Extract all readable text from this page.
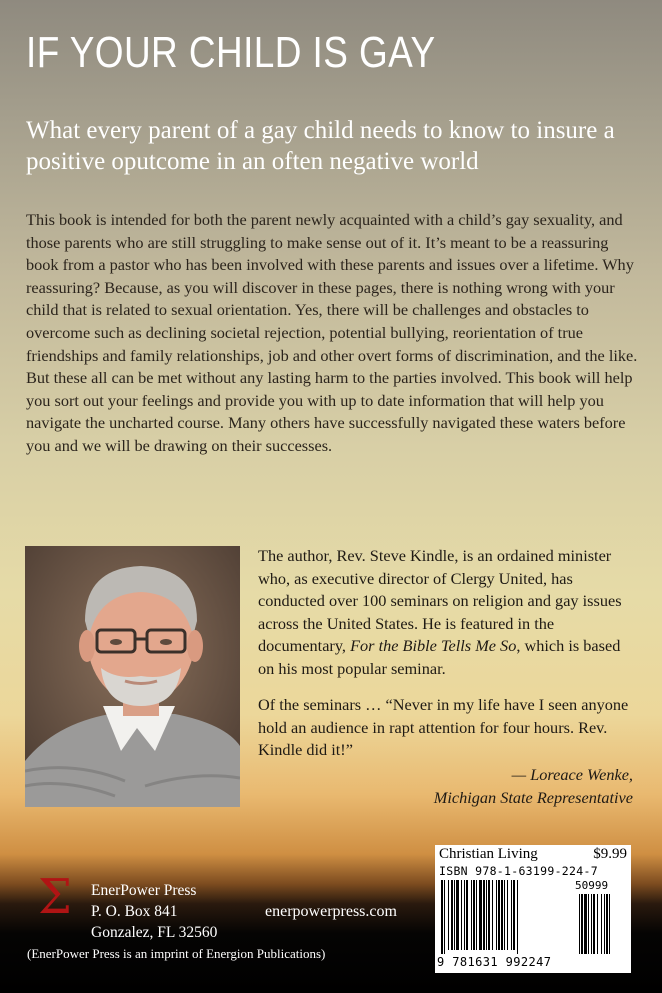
IF YOUR CHILD IS GAY

What every parent of a gay child needs to know to insure a positive oputcome in an often negative world

This book is intended for both the parent newly acquainted with a child’s gay sexuality, and those parents who are still struggling to make sense out of it. It’s meant to be a reassuring book from a pastor who has been involved with these parents and issues over a lifetime. Why reassuring? Because, as you will discover in these pages, there is nothing wrong with your child that is related to sexual orientation. Yes, there will be challenges and obstacles to overcome such as declining societal rejection, potential bullying, reorientation of true friendships and family relationships, job and other overt forms of discrimination, and the like. But these all can be met without any lasting harm to the parties involved. This book will help you sort out your feelings and provide you with up to date information that will help you navigate the uncharted course. Many others have successfully navigated these waters before you and we will be drawing on their successes.

The author, Rev. Steve Kindle, is an ordained minister who, as executive director of Clergy United, has conducted over 100 seminars on religion and gay issues across the United States. He is featured in the documentary, For the Bible Tells Me So, which is based on his most popular seminar.

Of the seminars … “Never in my life have I seen anyone hold an audience in rapt attention for four hours. Rev. Kindle did it!”

— Loreace Wenke,
Michigan State Representative
Σ EnerPower Press
P. O. Box 841
Gonzalez, FL 32560
(EnerPower Press is an imprint of Energion Publications)
enerpowerpress.com
Christian Living	$9.99
ISBN 978-1-63199-224-7
50999
9 781631 992247
